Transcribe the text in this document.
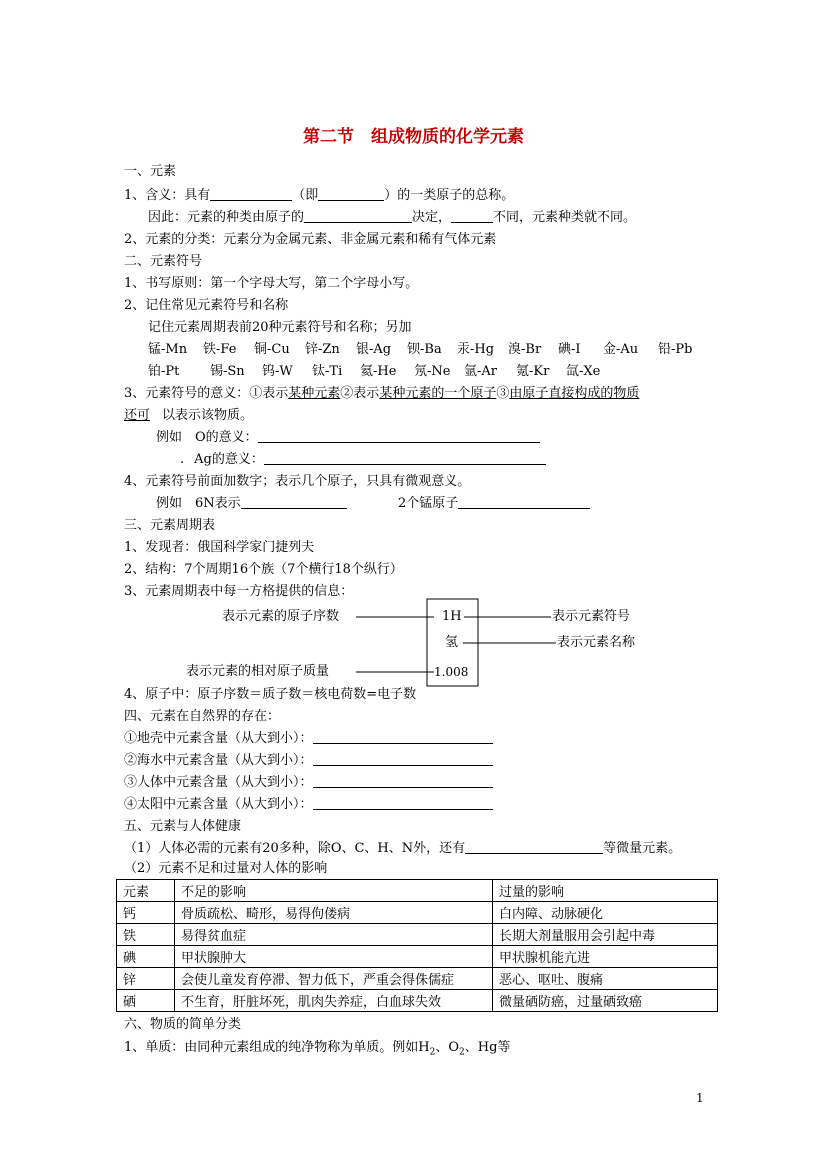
第二节　组成物质的化学元素
一、元素
1、含义：具有	（即	）的一类原子的总称。
因此：元素的种类由原子的	决定，	不同，元素种类就不同。
2、元素的分类：元素分为金属元素、非金属元素和稀有气体元素
二、元素符号
1、书写原则：第一个字母大写，第二个字母小写。
2、记住常见元素符号和名称
记住元素周期表前20种元素符号和名称；另加
锰-Mn 铁-Fe 铜-Cu 锌-Zn 银-Ag 钡-Ba 汞-Hg 溴-Br 碘-I 金-Au 铅-Pb
铂-Pt 锡-Sn 钨-W 钛-Ti 氦-He 氖-Ne 氩-Ar 氪-Kr 氙-Xe
3、元素符号的意义：①表示某种元素②表示某种元素的一个原子③由原子直接构成的物质
还可 以表示该物质。
例如　O的意义：
. Ag的意义：
4、元素符号前面加数字；表示几个原子，只具有微观意义。
例如　6N表示	2个锰原子
三、元素周期表
1、发现者：俄国科学家门捷列夫
2、结构：7个周期16个族（7个横行18个纵行）
3、元素周期表中每一方格提供的信息：
1H
氢
1.008
表示元素的原子序数	表示元素符号
表示元素名称
表示元素的相对原子质量
4、原子中：原子序数＝质子数＝核电荷数=电子数
四、元素在自然界的存在：
①地壳中元素含量（从大到小）：
②海水中元素含量（从大到小）：
③人体中元素含量（从大到小）：
④太阳中元素含量（从大到小）：
五、元素与人体健康
（1）人体必需的元素有20多种，除O、C、H、N外，还有	等微量元素。
（2）元素不足和过量对人体的影响
元素	不足的影响	过量的影响
钙	骨质疏松、畸形，易得佝偻病	白内障、动脉硬化
铁	易得贫血症	长期大剂量服用会引起中毒
碘	甲状腺肿大	甲状腺机能亢进
锌	会使儿童发育停滞、智力低下，严重会得侏儒症	恶心、呕吐、腹痛
硒	不生育，肝脏坏死，肌肉失养症，白血球失效	微量硒防癌，过量硒致癌
六、物质的简单分类
1、单质：由同种元素组成的纯净物称为单质。例如$H_2$、$O_2$、Hg等
1
